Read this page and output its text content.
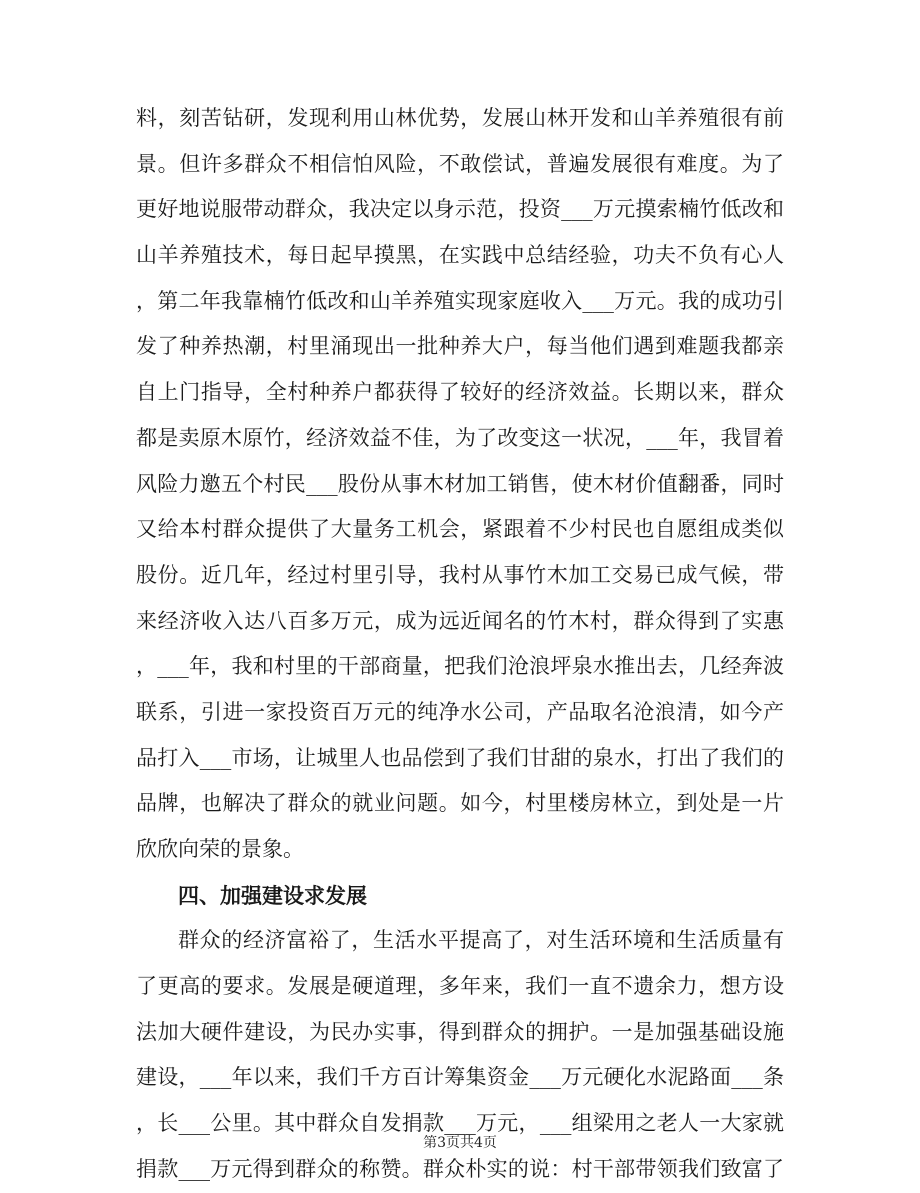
料，刻苦钻研，发现利用山林优势，发展山林开发和山羊养殖很有前
景。但许多群众不相信怕风险，不敢偿试，普遍发展很有难度。为了
更好地说服带动群众，我决定以身示范，投资___万元摸索楠竹低改和
山羊养殖技术，每日起早摸黑，在实践中总结经验，功夫不负有心人
，第二年我靠楠竹低改和山羊养殖实现家庭收入___万元。我的成功引
发了种养热潮，村里涌现出一批种养大户，每当他们遇到难题我都亲
自上门指导，全村种养户都获得了较好的经济效益。长期以来，群众
都是卖原木原竹，经济效益不佳，为了改变这一状况，___年，我冒着
风险力邀五个村民___股份从事木材加工销售，使木材价值翻番，同时
又给本村群众提供了大量务工机会，紧跟着不少村民也自愿组成类似
股份。近几年，经过村里引导，我村从事竹木加工交易已成气候，带
来经济收入达八百多万元，成为远近闻名的竹木村，群众得到了实惠
，___年，我和村里的干部商量，把我们沧浪坪泉水推出去，几经奔波
联系，引进一家投资百万元的纯净水公司，产品取名沧浪清，如今产
品打入___市场，让城里人也品偿到了我们甘甜的泉水，打出了我们的
品牌，也解决了群众的就业问题。如今，村里楼房林立，到处是一片
欣欣向荣的景象。
四、加强建设求发展
群众的经济富裕了，生活水平提高了，对生活环境和生活质量有
了更高的要求。发展是硬道理，多年来，我们一直不遗余力，想方设
法加大硬件建设，为民办实事，得到群众的拥护。一是加强基础设施
建设，___年以来，我们千方百计筹集资金___万元硬化水泥路面___条
，长___公里。其中群众自发捐款___万元，___组梁用之老人一大家就
捐款___万元得到群众的称赞。群众朴实的说：村干部带领我们致富了
第3页共4页
